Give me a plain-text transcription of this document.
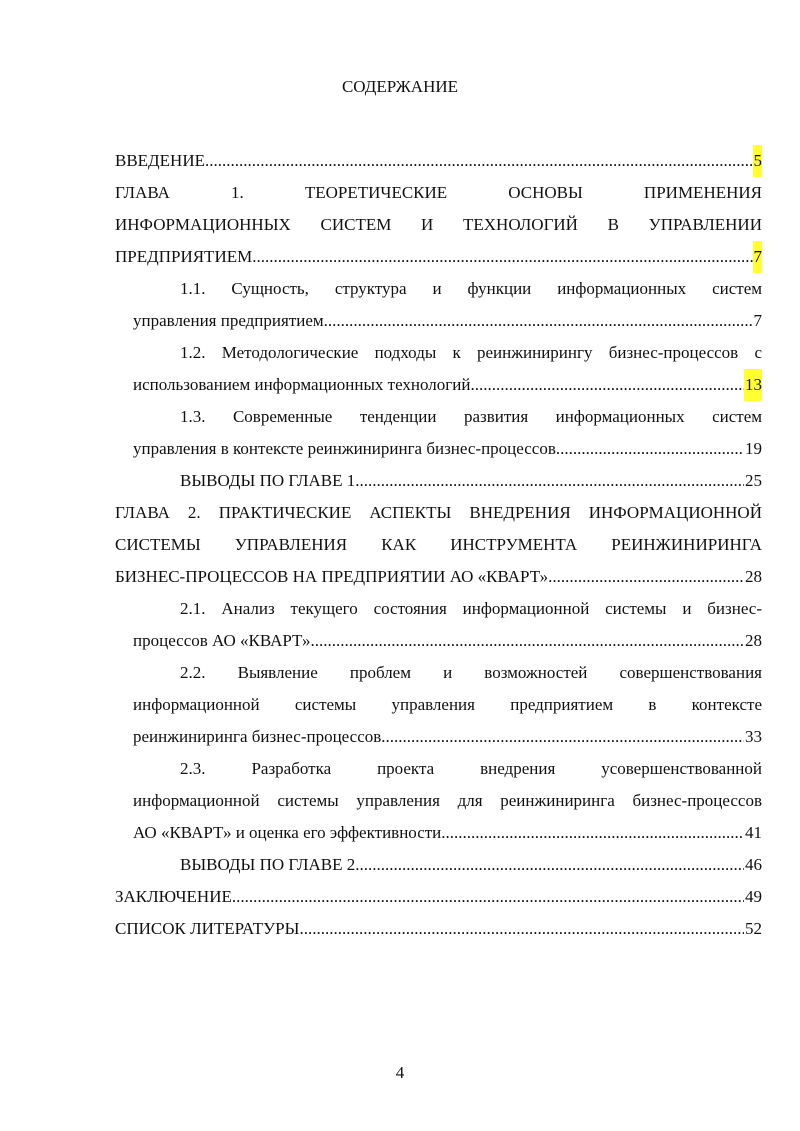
СОДЕРЖАНИЕ
ВВЕДЕНИЕ .....	5
ГЛАВА 1. ТЕОРЕТИЧЕСКИЕ ОСНОВЫ ПРИМЕНЕНИЯ
ИНФОРМАЦИОННЫХ СИСТЕМ И ТЕХНОЛОГИЙ В УПРАВЛЕНИИ
ПРЕДПРИЯТИЕМ .....	7
1.1. Сущность, структура и функции информационных систем
управления предприятием .....	7
1.2. Методологические подходы к реинжинирингу бизнес-процессов с
использованием информационных технологий .....	13
1.3. Современные тенденции развития информационных систем
управления в контексте реинжиниринга бизнес-процессов .....	19
ВЫВОДЫ ПО ГЛАВЕ 1 .....	25
ГЛАВА 2. ПРАКТИЧЕСКИЕ АСПЕКТЫ ВНЕДРЕНИЯ ИНФОРМАЦИОННОЙ
СИСТЕМЫ УПРАВЛЕНИЯ КАК ИНСТРУМЕНТА РЕИНЖИНИРИНГА
БИЗНЕС-ПРОЦЕССОВ НА ПРЕДПРИЯТИИ АО «КВАРТ» .....	28
2.1. Анализ текущего состояния информационной системы и бизнес-
процессов АО «КВАРТ» .....	28
2.2. Выявление проблем и возможностей совершенствования
информационной системы управления предприятием в контексте
реинжиниринга бизнес-процессов .....	33
2.3. Разработка проекта внедрения усовершенствованной
информационной системы управления для реинжиниринга бизнес-процессов
АО «КВАРТ» и оценка его эффективности .....	41
ВЫВОДЫ ПО ГЛАВЕ 2 .....	46
ЗАКЛЮЧЕНИЕ .....	49
СПИСОК ЛИТЕРАТУРЫ .....	52
4
